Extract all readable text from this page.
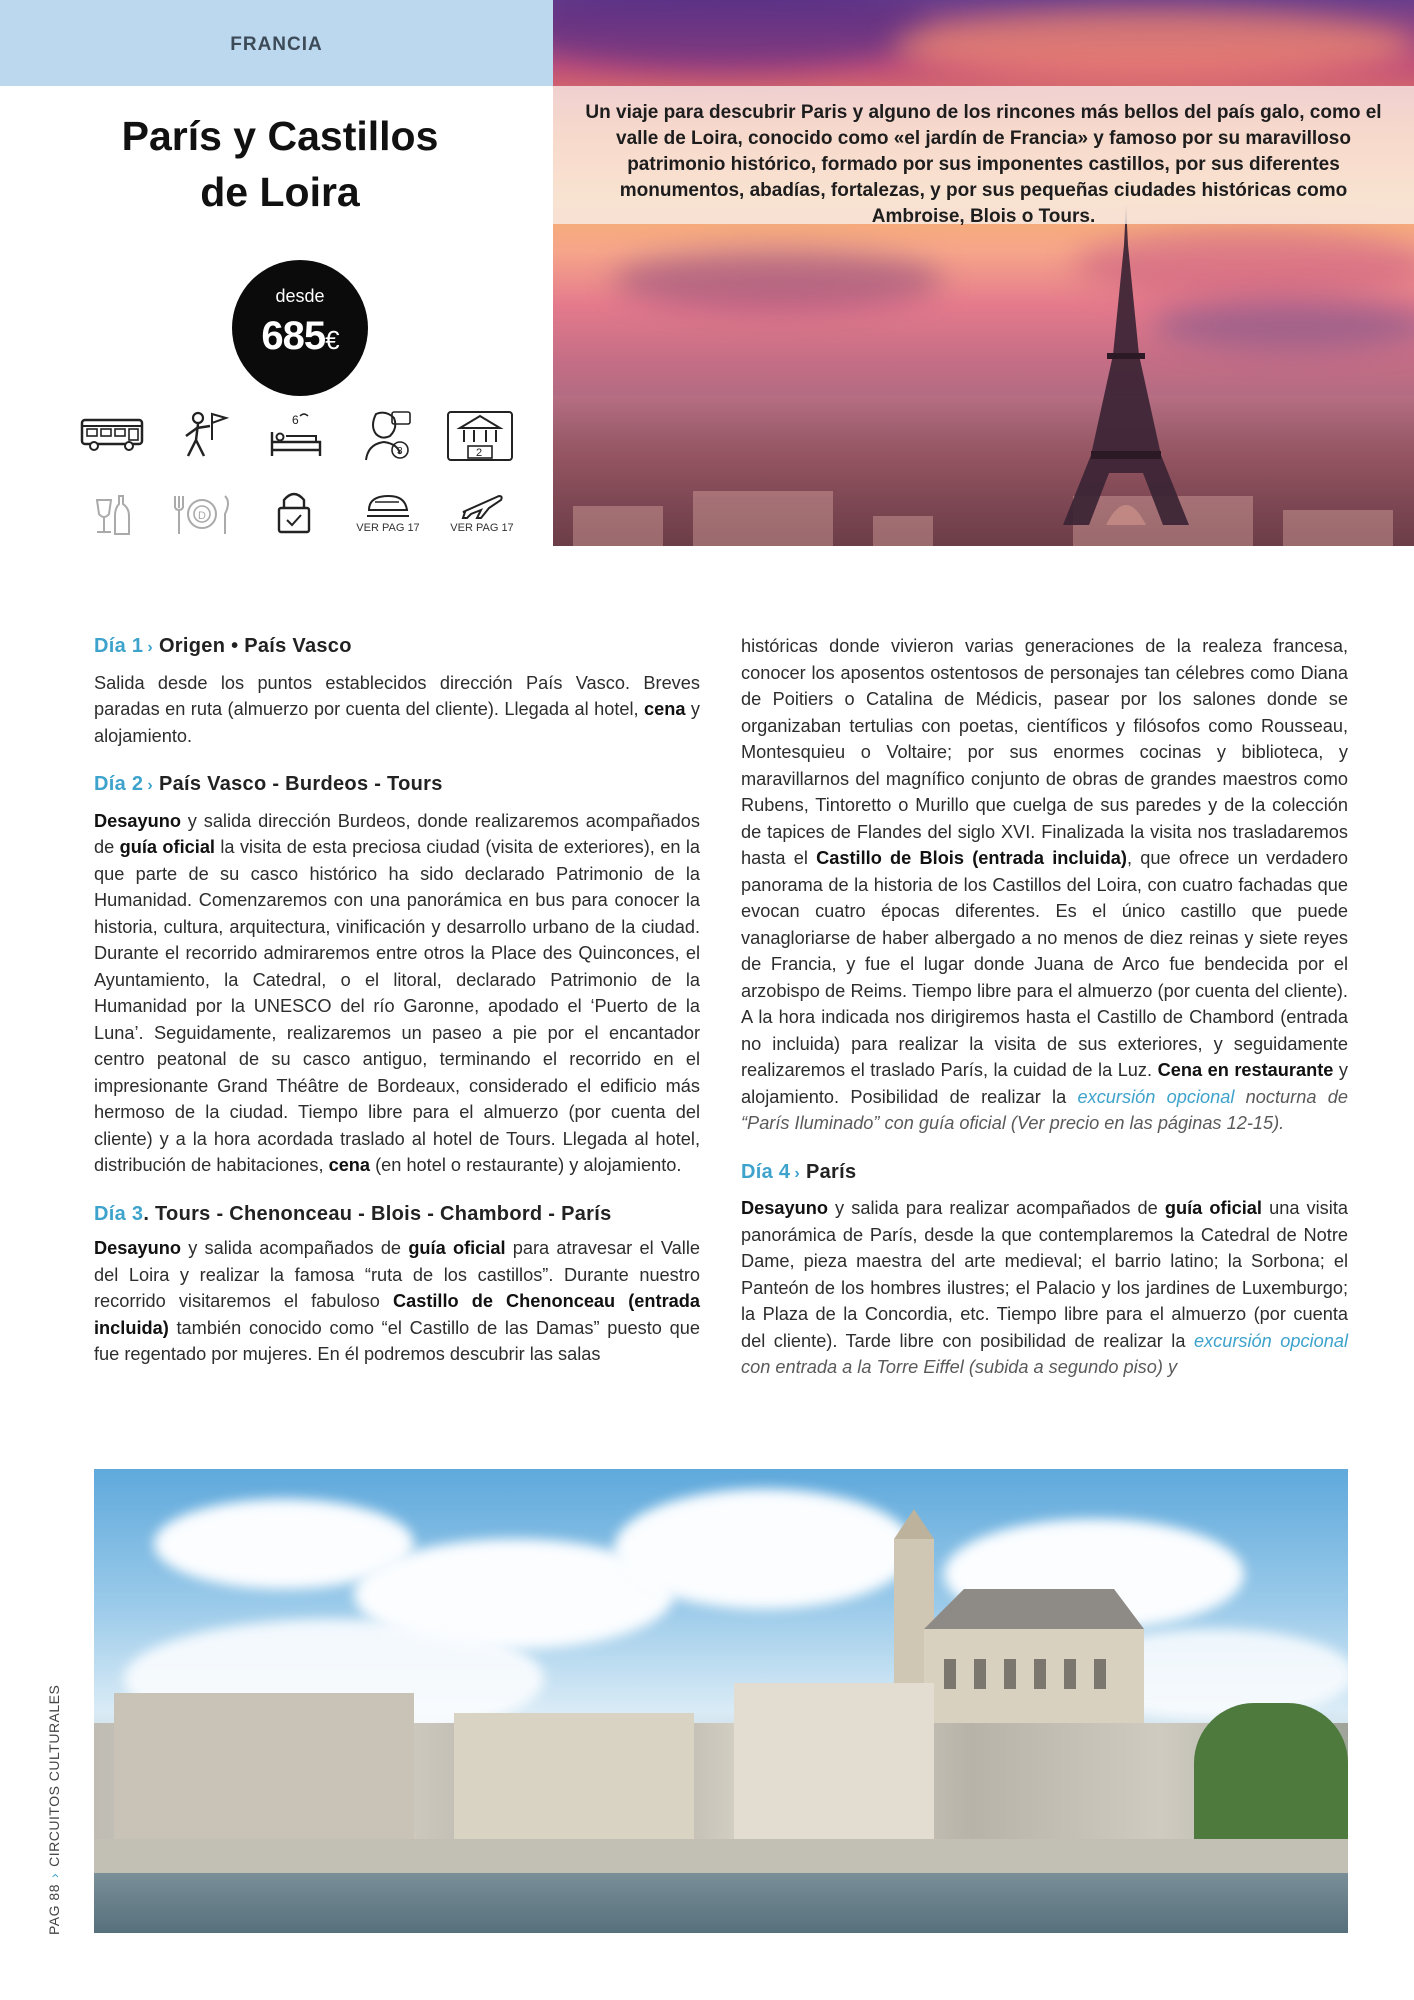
FRANCIA
Un viaje para descubrir Paris y alguno de los rincones más bellos del país galo, como el valle de Loira, conocido como «el jardín de Francia» y famoso por su maravilloso patrimonio histórico, formado por sus imponentes castillos, por sus diferentes monumentos, abadías, fortalezas, y por sus pequeñas ciudades históricas como Ambroise, Blois o Tours.
París y Castillos
de Loira
desde
685€
6
3	2
D
VER PAG 17	VER PAG 17
Día 1 › Origen • País Vasco

Salida desde los puntos establecidos dirección País Vasco. Breves paradas en ruta (almuerzo por cuenta del cliente). Llegada al hotel, cena y alojamiento.

Día 2 › País Vasco - Burdeos - Tours

Desayuno y salida dirección Burdeos, donde realizaremos acompañados de guía oficial la visita de esta preciosa ciudad (visita de exteriores), en la que parte de su casco histórico ha sido declarado Patrimonio de la Humanidad. Comenzaremos con una panorámica en bus para conocer la historia, cultura, arquitectura, vinificación y desarrollo urbano de la ciudad. Durante el recorrido admiraremos entre otros la Place des Quinconces, el Ayuntamiento, la Catedral, o el litoral, declarado Patrimonio de la Humanidad por la UNESCO del río Garonne, apodado el ‘Puerto de la Luna’. Seguidamente, realizaremos un paseo a pie por el encantador centro peatonal de su casco antiguo, terminando el recorrido en el impresionante Grand Théâtre de Bordeaux, considerado el edificio más hermoso de la ciudad. Tiempo libre para el almuerzo (por cuenta del cliente) y a la hora acordada traslado al hotel de Tours. Llegada al hotel, distribución de habitaciones, cena (en hotel o restaurante) y alojamiento.

Día 3. Tours - Chenonceau - Blois - Chambord - París

Desayuno y salida acompañados de guía oficial para atravesar el Valle del Loira y realizar la famosa “ruta de los castillos”. Durante nuestro recorrido visitaremos el fabuloso Castillo de Chenonceau (entrada incluida) también conocido como “el Castillo de las Damas” puesto que fue regentado por mujeres. En él podremos descubrir las salas

históricas donde vivieron varias generaciones de la realeza francesa, conocer los aposentos ostentosos de personajes tan célebres como Diana de Poitiers o Catalina de Médicis, pasear por los salones donde se organizaban tertulias con poetas, científicos y filósofos como Rousseau, Montesquieu o Voltaire; por sus enormes cocinas y biblioteca, y maravillarnos del magnífico conjunto de obras de grandes maestros como Rubens, Tintoretto o Murillo que cuelga de sus paredes y de la colección de tapices de Flandes del siglo XVI. Finalizada la visita nos trasladaremos hasta el Castillo de Blois (entrada incluida), que ofrece un verdadero panorama de la historia de los Castillos del Loira, con cuatro fachadas que evocan cuatro épocas diferentes. Es el único castillo que puede vanagloriarse de haber albergado a no menos de diez reinas y siete reyes de Francia, y fue el lugar donde Juana de Arco fue bendecida por el arzobispo de Reims. Tiempo libre para el almuerzo (por cuenta del cliente). A la hora indicada nos dirigiremos hasta el Castillo de Chambord (entrada no incluida) para realizar la visita de sus exteriores, y seguidamente realizaremos el traslado París, la cuidad de la Luz. Cena en restaurante y alojamiento. Posibilidad de realizar la excursión opcional nocturna de “París Iluminado” con guía oficial (Ver precio en las páginas 12-15).

Día 4 › París

Desayuno y salida para realizar acompañados de guía oficial una visita panorámica de París, desde la que contemplaremos la Catedral de Notre Dame, pieza maestra del arte medieval; el barrio latino; la Sorbona; el Panteón de los hombres ilustres; el Palacio y los jardines de Luxemburgo; la Plaza de la Concordia, etc. Tiempo libre para el almuerzo (por cuenta del cliente). Tarde libre con posibilidad de realizar la excursión opcional con entrada a la Torre Eiffel (subida a segundo piso) y

PAG 88›CIRCUITOS CULTURALES
